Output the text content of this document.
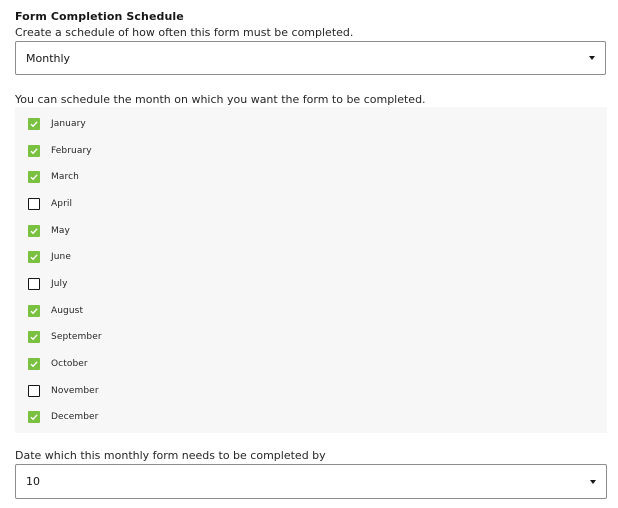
Form Completion Schedule
Create a schedule of how often this form must be completed.
Monthly
You can schedule the month on which you want the form to be completed.
January
February
March
April
May
June
July
August
September
October
November
December
Date which this monthly form needs to be completed by
10
